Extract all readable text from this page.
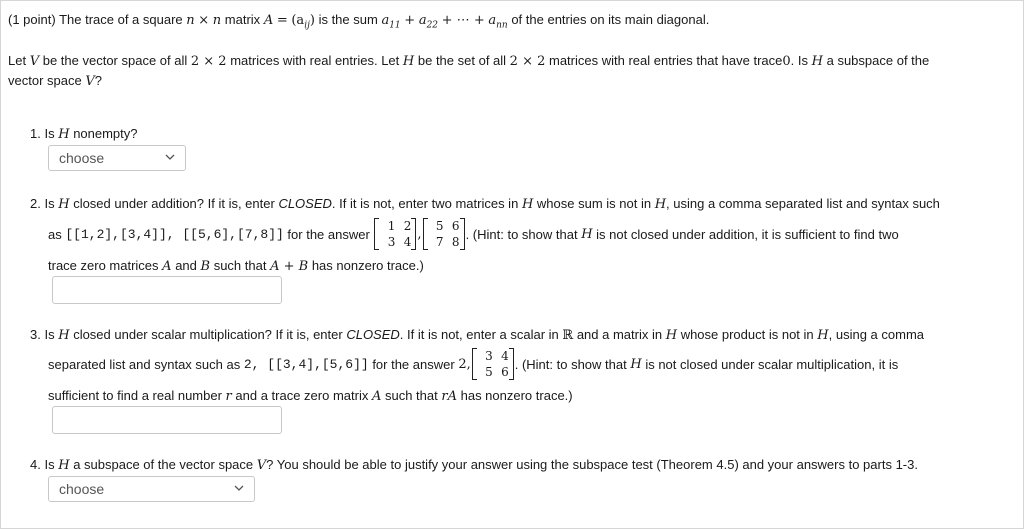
(1 point) The trace of a square n × n matrix $A = (a_{ij})$ is the sum $a_{11} + a_{22}$ + ⋯ + $a_{nn}$ of the entries on its main diagonal.
Let V be the vector space of all 2 × 2 matrices with real entries. Let H be the set of all 2 × 2 matrices with real entries that have trace0. Is H a subspace of the
vector space V?
1. Is H nonempty?
choose
2. Is H closed under addition? If it is, enter CLOSED. If it is not, enter two matrices in H whose sum is not in H, using a comma separated list and syntax such
as
[[1,2],[3,4]], [[5,6],[7,8]]
for the answer

1 2
3 4
,
5 6
7 8
. (Hint: to show that
H
is not closed under addition, it is sufficient to find two
trace zero matrices A and B such that A + B has nonzero trace.)
3. Is H closed under scalar multiplication? If it is, enter CLOSED. If it is not, enter a scalar in ℝ and a matrix in H whose product is not in H, using a comma
separated list and syntax such as
2, [[3,4],[5,6]]
for the answer
2,
3 4
5 6
. (Hint: to show that
H
is not closed under scalar multiplication, it is
sufficient to find a real number r and a trace zero matrix A such that rA has nonzero trace.)
4. Is H a subspace of the vector space V? You should be able to justify your answer using the subspace test (Theorem 4.5) and your answers to parts 1-3.
choose
